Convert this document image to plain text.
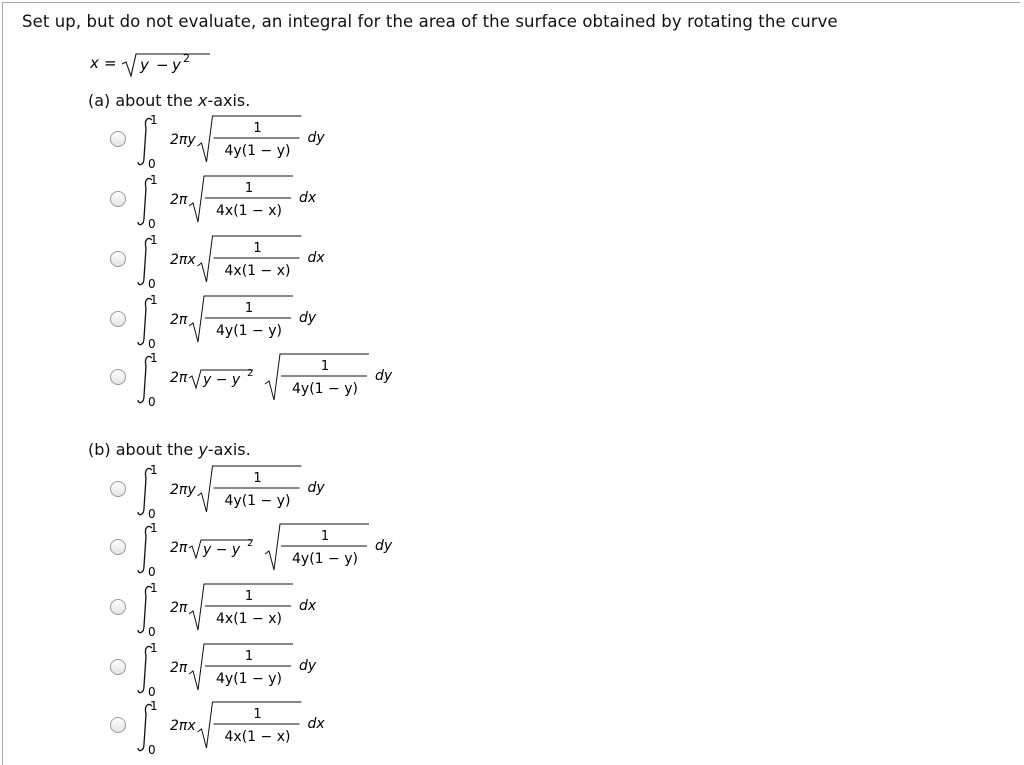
Set up, but do not evaluate, an integral for the area of the surface obtained by rotating the curve
x = y − y 2
(a) about the x-axis.
(b) about the y-axis.
1
0
2πy
1
4y(1 − y)
dy
1
0
2π
1
4x(1 − x)
dx
1
0
2πx
1
4x(1 − x)
dx
1
0
2π
1
4y(1 − y)
dy
1
0
2π y − y 2	1
4y(1 − y)
dy
1
0
2πy
1
4y(1 − y)
dy
1
0
2π y − y 2	1
4y(1 − y)
dy
1
0
2π
1
4x(1 − x)
dx
1
0
2π
1
4y(1 − y)
dy
1
0
2πx
1
4x(1 − x)
dx
